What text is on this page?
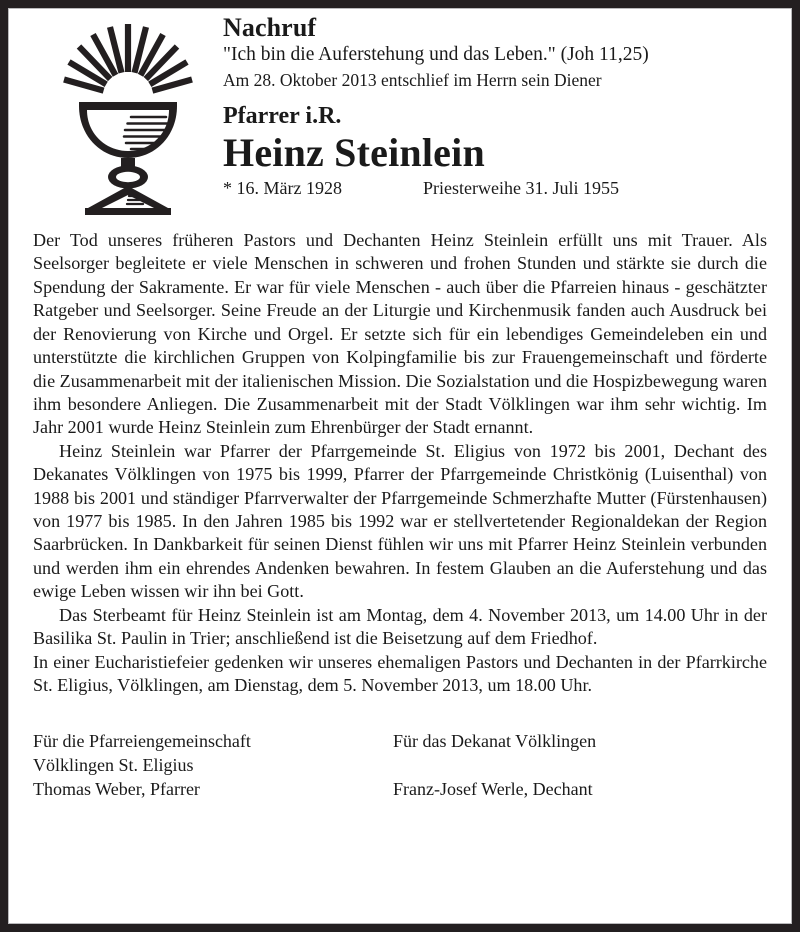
Nachruf
"Ich bin die Auferstehung und das Leben." (Joh 11,25)
Am 28. Oktober 2013 entschlief im Herrn sein Diener
Pfarrer i.R.
Heinz Steinlein
* 16. März 1928	Priesterweihe 31. Juli 1955

Der Tod unseres früheren Pastors und Dechanten Heinz Steinlein erfüllt uns mit Trauer. Als Seelsorger begleitete er viele Menschen in schweren und frohen Stunden und stärkte sie durch die Spendung der Sakramente. Er war für viele Menschen - auch über die Pfarreien hinaus - geschätzter Ratgeber und Seelsorger. Seine Freude an der Liturgie und Kirchenmusik fanden auch Ausdruck bei der Renovierung von Kirche und Orgel. Er setzte sich für ein lebendiges Gemeindeleben ein und unterstützte die kirchlichen Gruppen von Kolpingfamilie bis zur Frauengemeinschaft und förderte die Zusammenarbeit mit der italienischen Mission. Die Sozialstation und die Hospizbewegung waren ihm besondere Anliegen. Die Zusammenarbeit mit der Stadt Völklingen war ihm sehr wichtig. Im Jahr 2001 wurde Heinz Steinlein zum Ehrenbürger der Stadt ernannt.

Heinz Steinlein war Pfarrer der Pfarrgemeinde St. Eligius von 1972 bis 2001, Dechant des Dekanates Völklingen von 1975 bis 1999, Pfarrer der Pfarrgemeinde Christkönig (Luisenthal) von 1988 bis 2001 und ständiger Pfarrverwalter der Pfarrgemeinde Schmerzhafte Mutter (Fürstenhausen) von 1977 bis 1985. In den Jahren 1985 bis 1992 war er stellvertetender Regionaldekan der Region Saarbrücken. In Dankbarkeit für seinen Dienst fühlen wir uns mit Pfarrer Heinz Steinlein verbunden und werden ihm ein ehrendes Andenken bewahren. In festem Glauben an die Auferstehung und das ewige Leben wissen wir ihn bei Gott.

Das Sterbeamt für Heinz Steinlein ist am Montag, dem 4. November 2013, um 14.00 Uhr in der Basilika St. Paulin in Trier; anschließend ist die Beisetzung auf dem Friedhof.

In einer Eucharistiefeier gedenken wir unseres ehemaligen Pastors und Dechanten in der Pfarrkirche St. Eligius, Völklingen, am Dienstag, dem 5. November 2013, um 18.00 Uhr.

Für die Pfarreiengemeinschaft
Völklingen St. Eligius
Thomas Weber, Pfarrer
Für das Dekanat Völklingen
Franz-Josef Werle, Dechant
